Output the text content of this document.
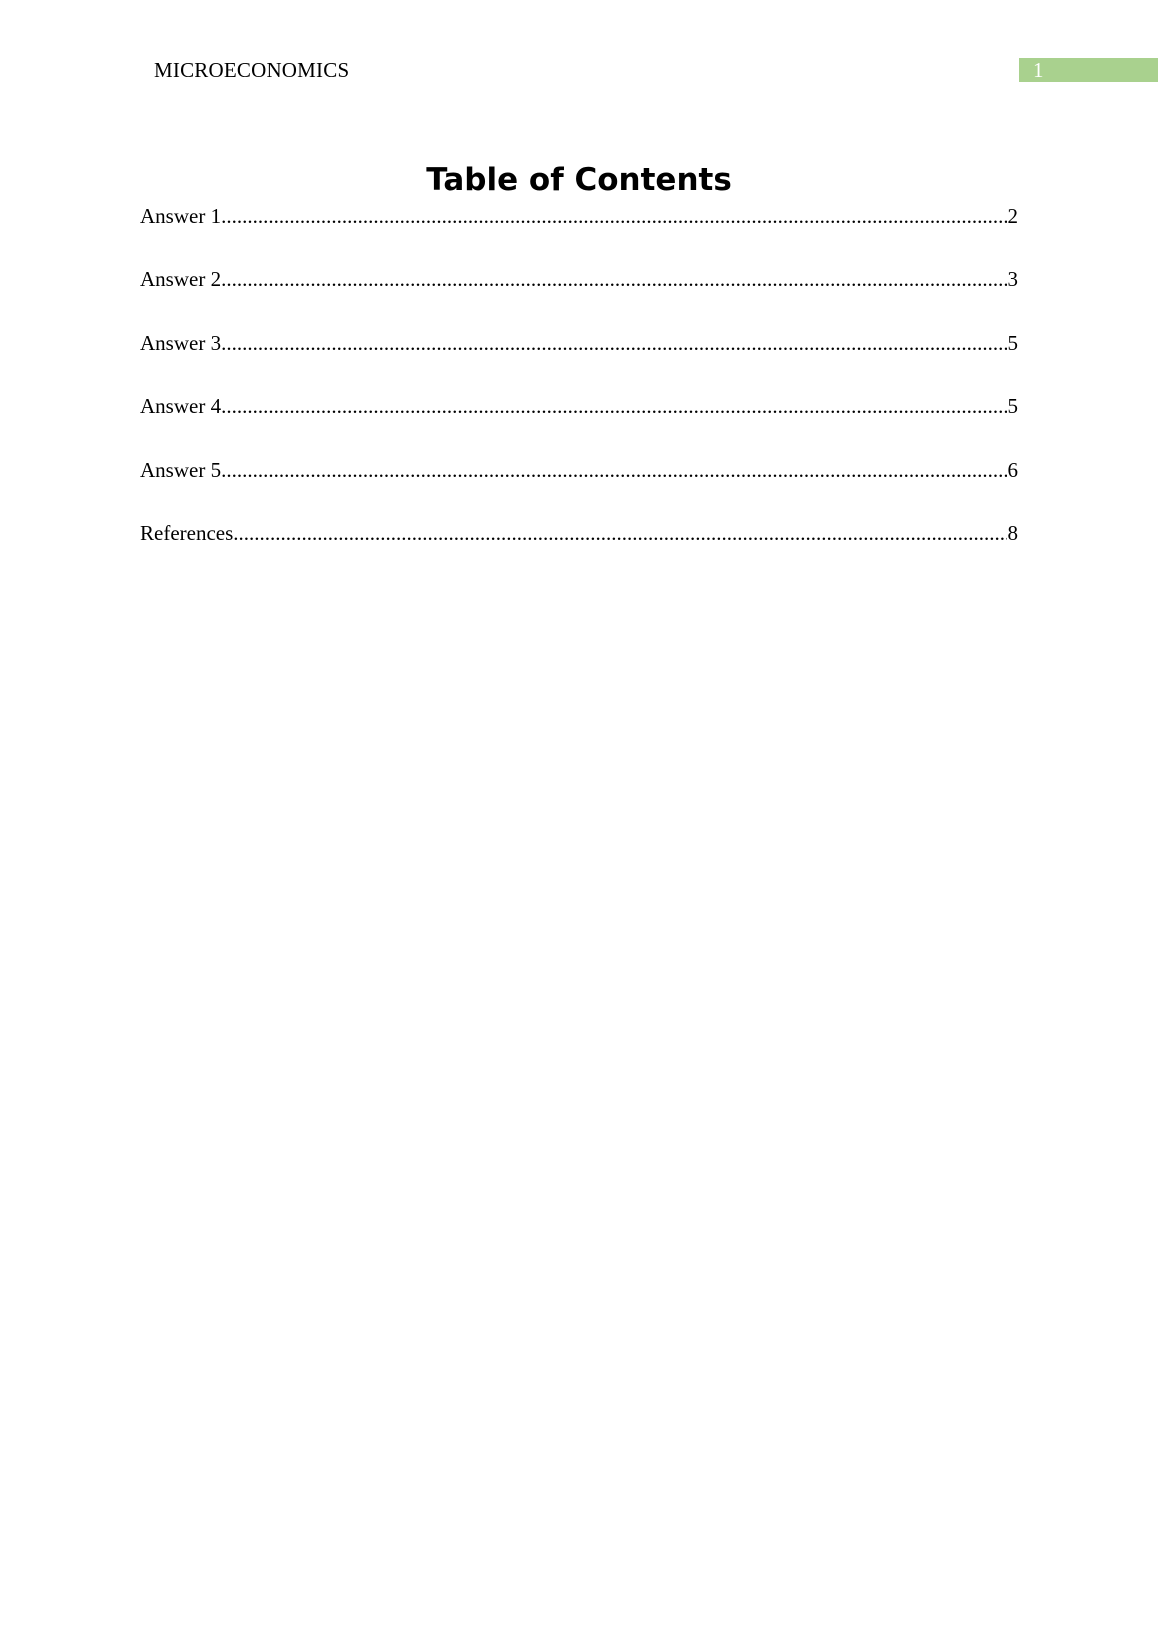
MICROECONOMICS	1
Table of Contents
Answer 1 .....	2
Answer 2 .....	3
Answer 3 .....	5
Answer 4 .....	5
Answer 5 .....	6
References .....	8
